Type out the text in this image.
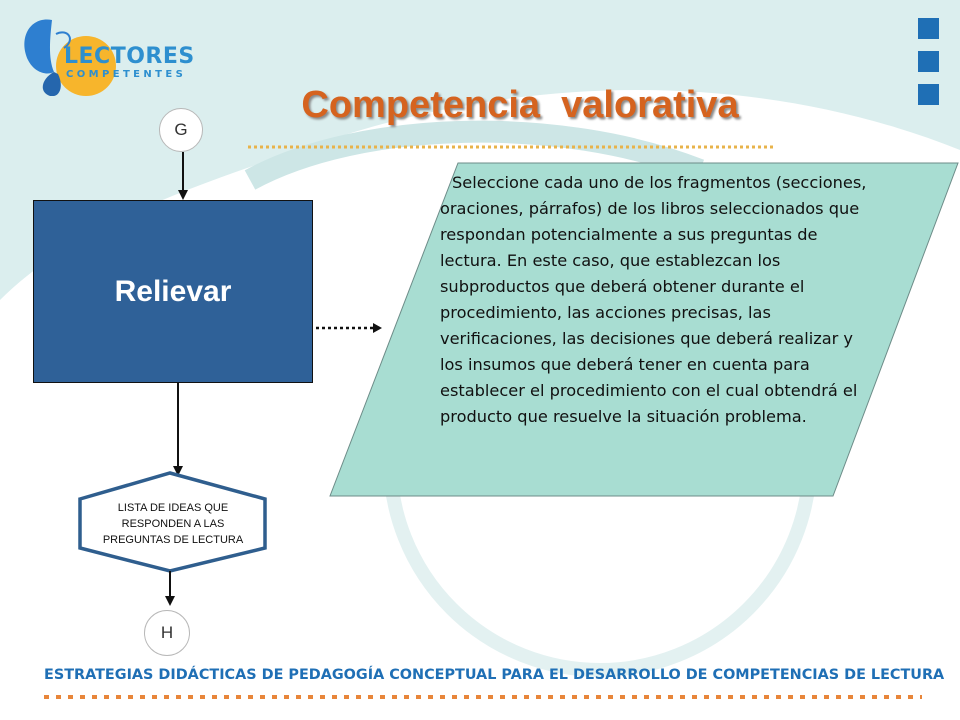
LECTORES
COMPETENTES
Competencia  valorativa
G
Relievar
LISTA DE IDEAS QUE RESPONDEN A LAS PREGUNTAS DE LECTURA
H
Seleccione cada uno de los fragmentos (secciones, oraciones, párrafos) de los libros seleccionados que respondan potencialmente a sus preguntas de lectura. En este caso, que establezcan los subproductos que deberá obtener durante el procedimiento, las acciones precisas, las verificaciones, las decisiones que deberá realizar y los insumos que deberá tener en cuenta para establecer el procedimiento con el cual obtendrá el producto que resuelve la situación problema.
ESTRATEGIAS DIDÁCTICAS DE PEDAGOGÍA CONCEPTUAL PARA EL DESARROLLO DE COMPETENCIAS DE LECTURA
